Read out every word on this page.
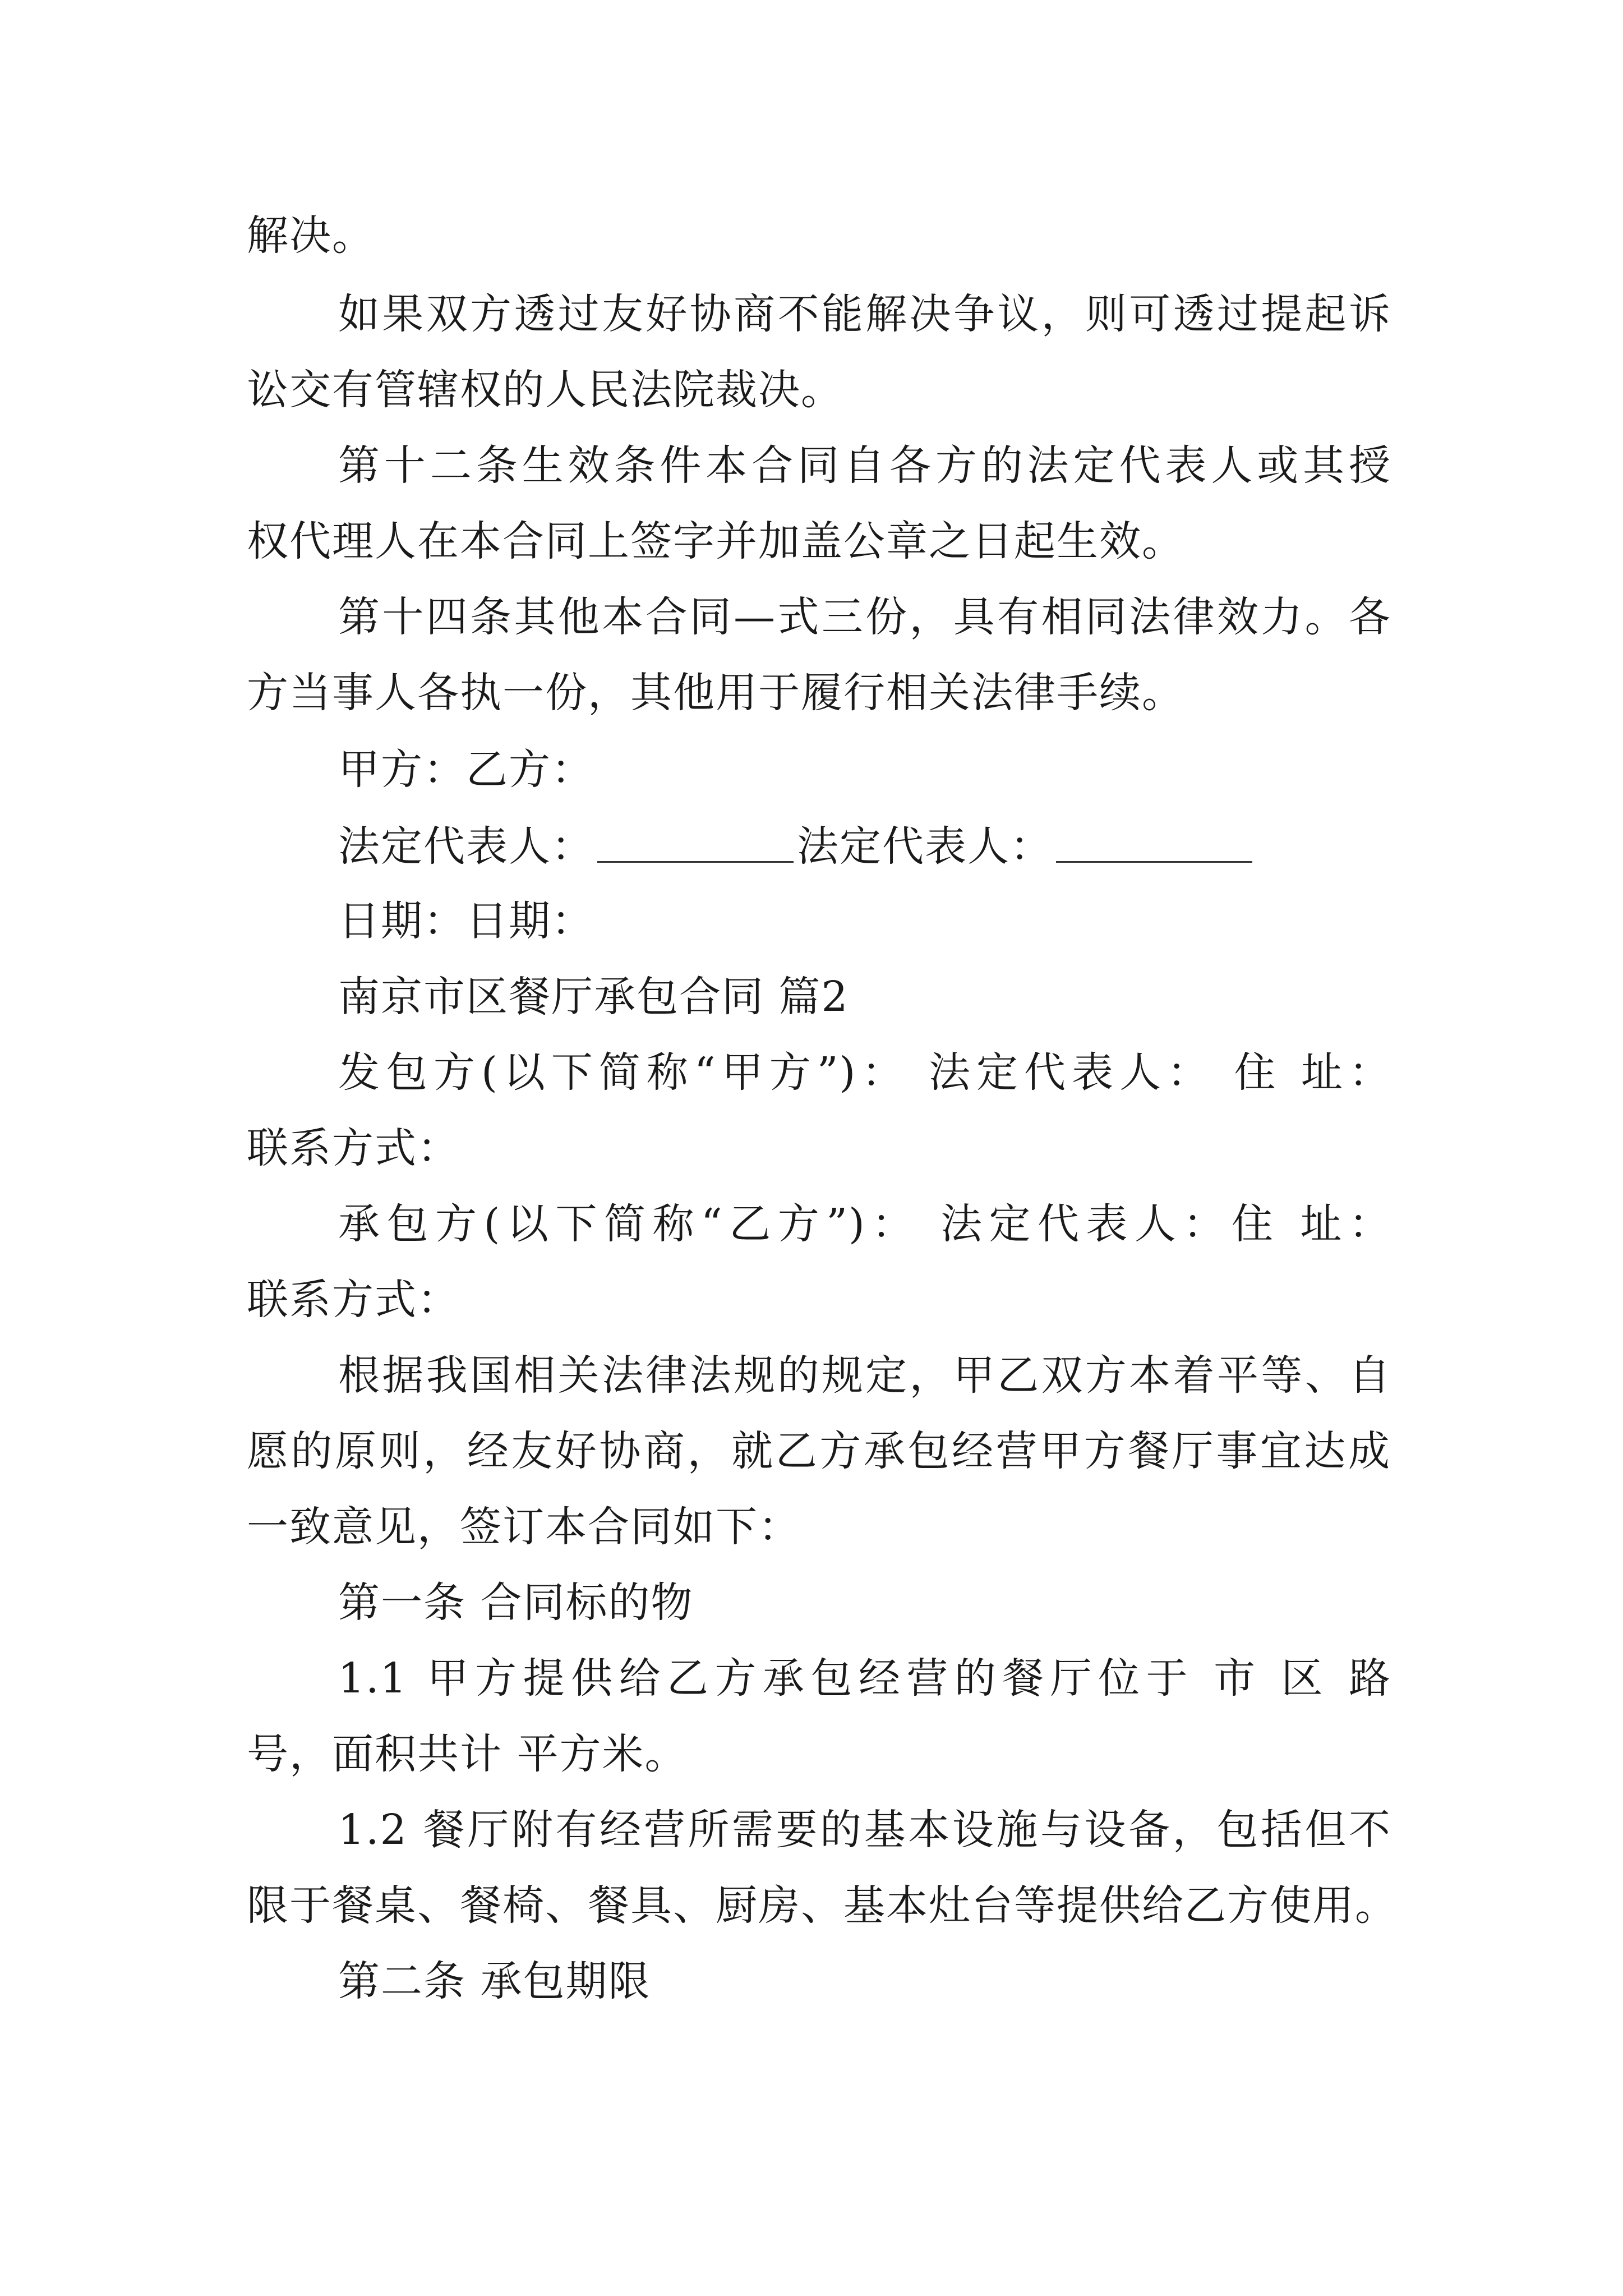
解决。
如果双方透过友好协商不能解决争议，则可透过提起诉
讼交有管辖权的人民法院裁决。
第十二条生效条件本合同自各方的法定代表人或其授
权代理人在本合同上签字并加盖公章之日起生效。
第十四条其他本合同—式三份，具有相同法律效力。各
方当事人各执一份，其他用于履行相关法律手续。
甲方：乙方：
法定代表人：	法定代表人：
日期：日期：
南京市区餐厅承包合同 篇2
发包方(以下简称“甲方”)： 法定代表人： 住 址：
联系方式：
承包方(以下简称“乙方”)： 法定代表人：住 址：
联系方式：
根据我国相关法律法规的规定，甲乙双方本着平等、自
愿的原则，经友好协商，就乙方承包经营甲方餐厅事宜达成
一致意见，签订本合同如下：
第一条 合同标的物
1.1 甲方提供给乙方承包经营的餐厅位于 市 区 路
号，面积共计 平方米。
1.2 餐厅附有经营所需要的基本设施与设备，包括但不
限于餐桌、餐椅、餐具、厨房、基本灶台等提供给乙方使用。
第二条 承包期限
